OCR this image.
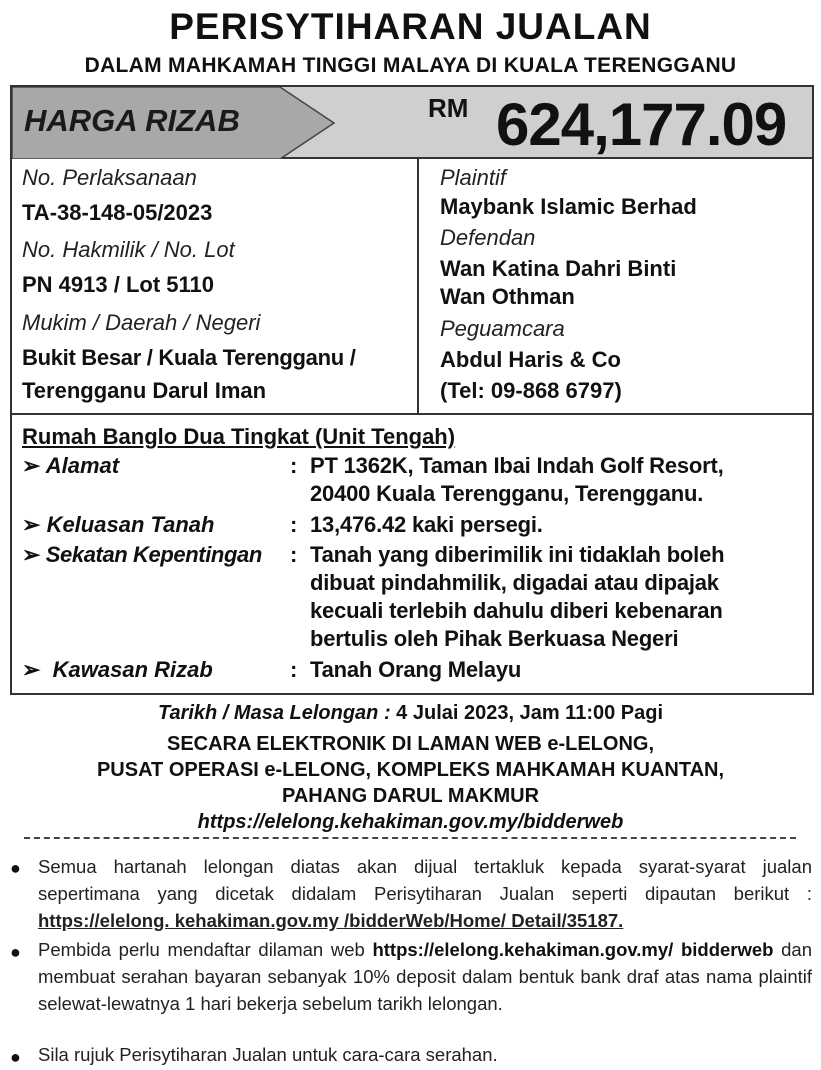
PERISYTIHARAN JUALAN
DALAM MAHKAMAH TINGGI MALAYA DI KUALA TERENGGANU
HARGA RIZAB	RM 624,177.09
No. Perlaksanaan
TA-38-148-05/2023
No. Hakmilik / No. Lot
PN 4913 / Lot 5110
Mukim / Daerah / Negeri
Bukit Besar / Kuala Terengganu /
Terengganu Darul Iman
Plaintif
Maybank Islamic Berhad
Defendan
Wan Katina Dahri Binti
Wan Othman
Peguamcara
Abdul Haris & Co
(Tel: 09-868 6797)
Rumah Banglo Dua Tingkat (Unit Tengah)
➢ Alamat	: PT 1362K, Taman Ibai Indah Golf Resort,
20400 Kuala Terengganu, Terengganu.
➢ Keluasan Tanah	: 13,476.42 kaki persegi.
➢ Sekatan Kepentingan : Tanah yang diberimilik ini tidaklah boleh
dibuat pindahmilik, digadai atau dipajak
kecuali terlebih dahulu diberi kebenaran
bertulis oleh Pihak Berkuasa Negeri
➢ Kawasan Rizab	: Tanah Orang Melayu
Tarikh / Masa Lelongan : 4 Julai 2023, Jam 11:00 Pagi
SECARA ELEKTRONIK DI LAMAN WEB e-LELONG,
PUSAT OPERASI e-LELONG, KOMPLEKS MAHKAMAH KUANTAN,
PAHANG DARUL MAKMUR
https://elelong.kehakiman.gov.my/bidderweb
● Semua hartanah lelongan diatas akan dijual tertakluk kepada syarat-syarat jualan sepertimana yang dicetak didalam Perisytiharan Jualan seperti dipautan berikut : https://elelong. kehakiman.gov.my /bidderWeb/Home/ Detail/35187.
● Pembida perlu mendaftar dilaman web https://elelong.kehakiman.gov.my/ bidderweb dan membuat serahan bayaran sebanyak 10% deposit dalam bentuk bank draf atas nama plaintif selewat-lewatnya 1 hari bekerja sebelum tarikh lelongan.
● Sila rujuk Perisytiharan Jualan untuk cara-cara serahan.
